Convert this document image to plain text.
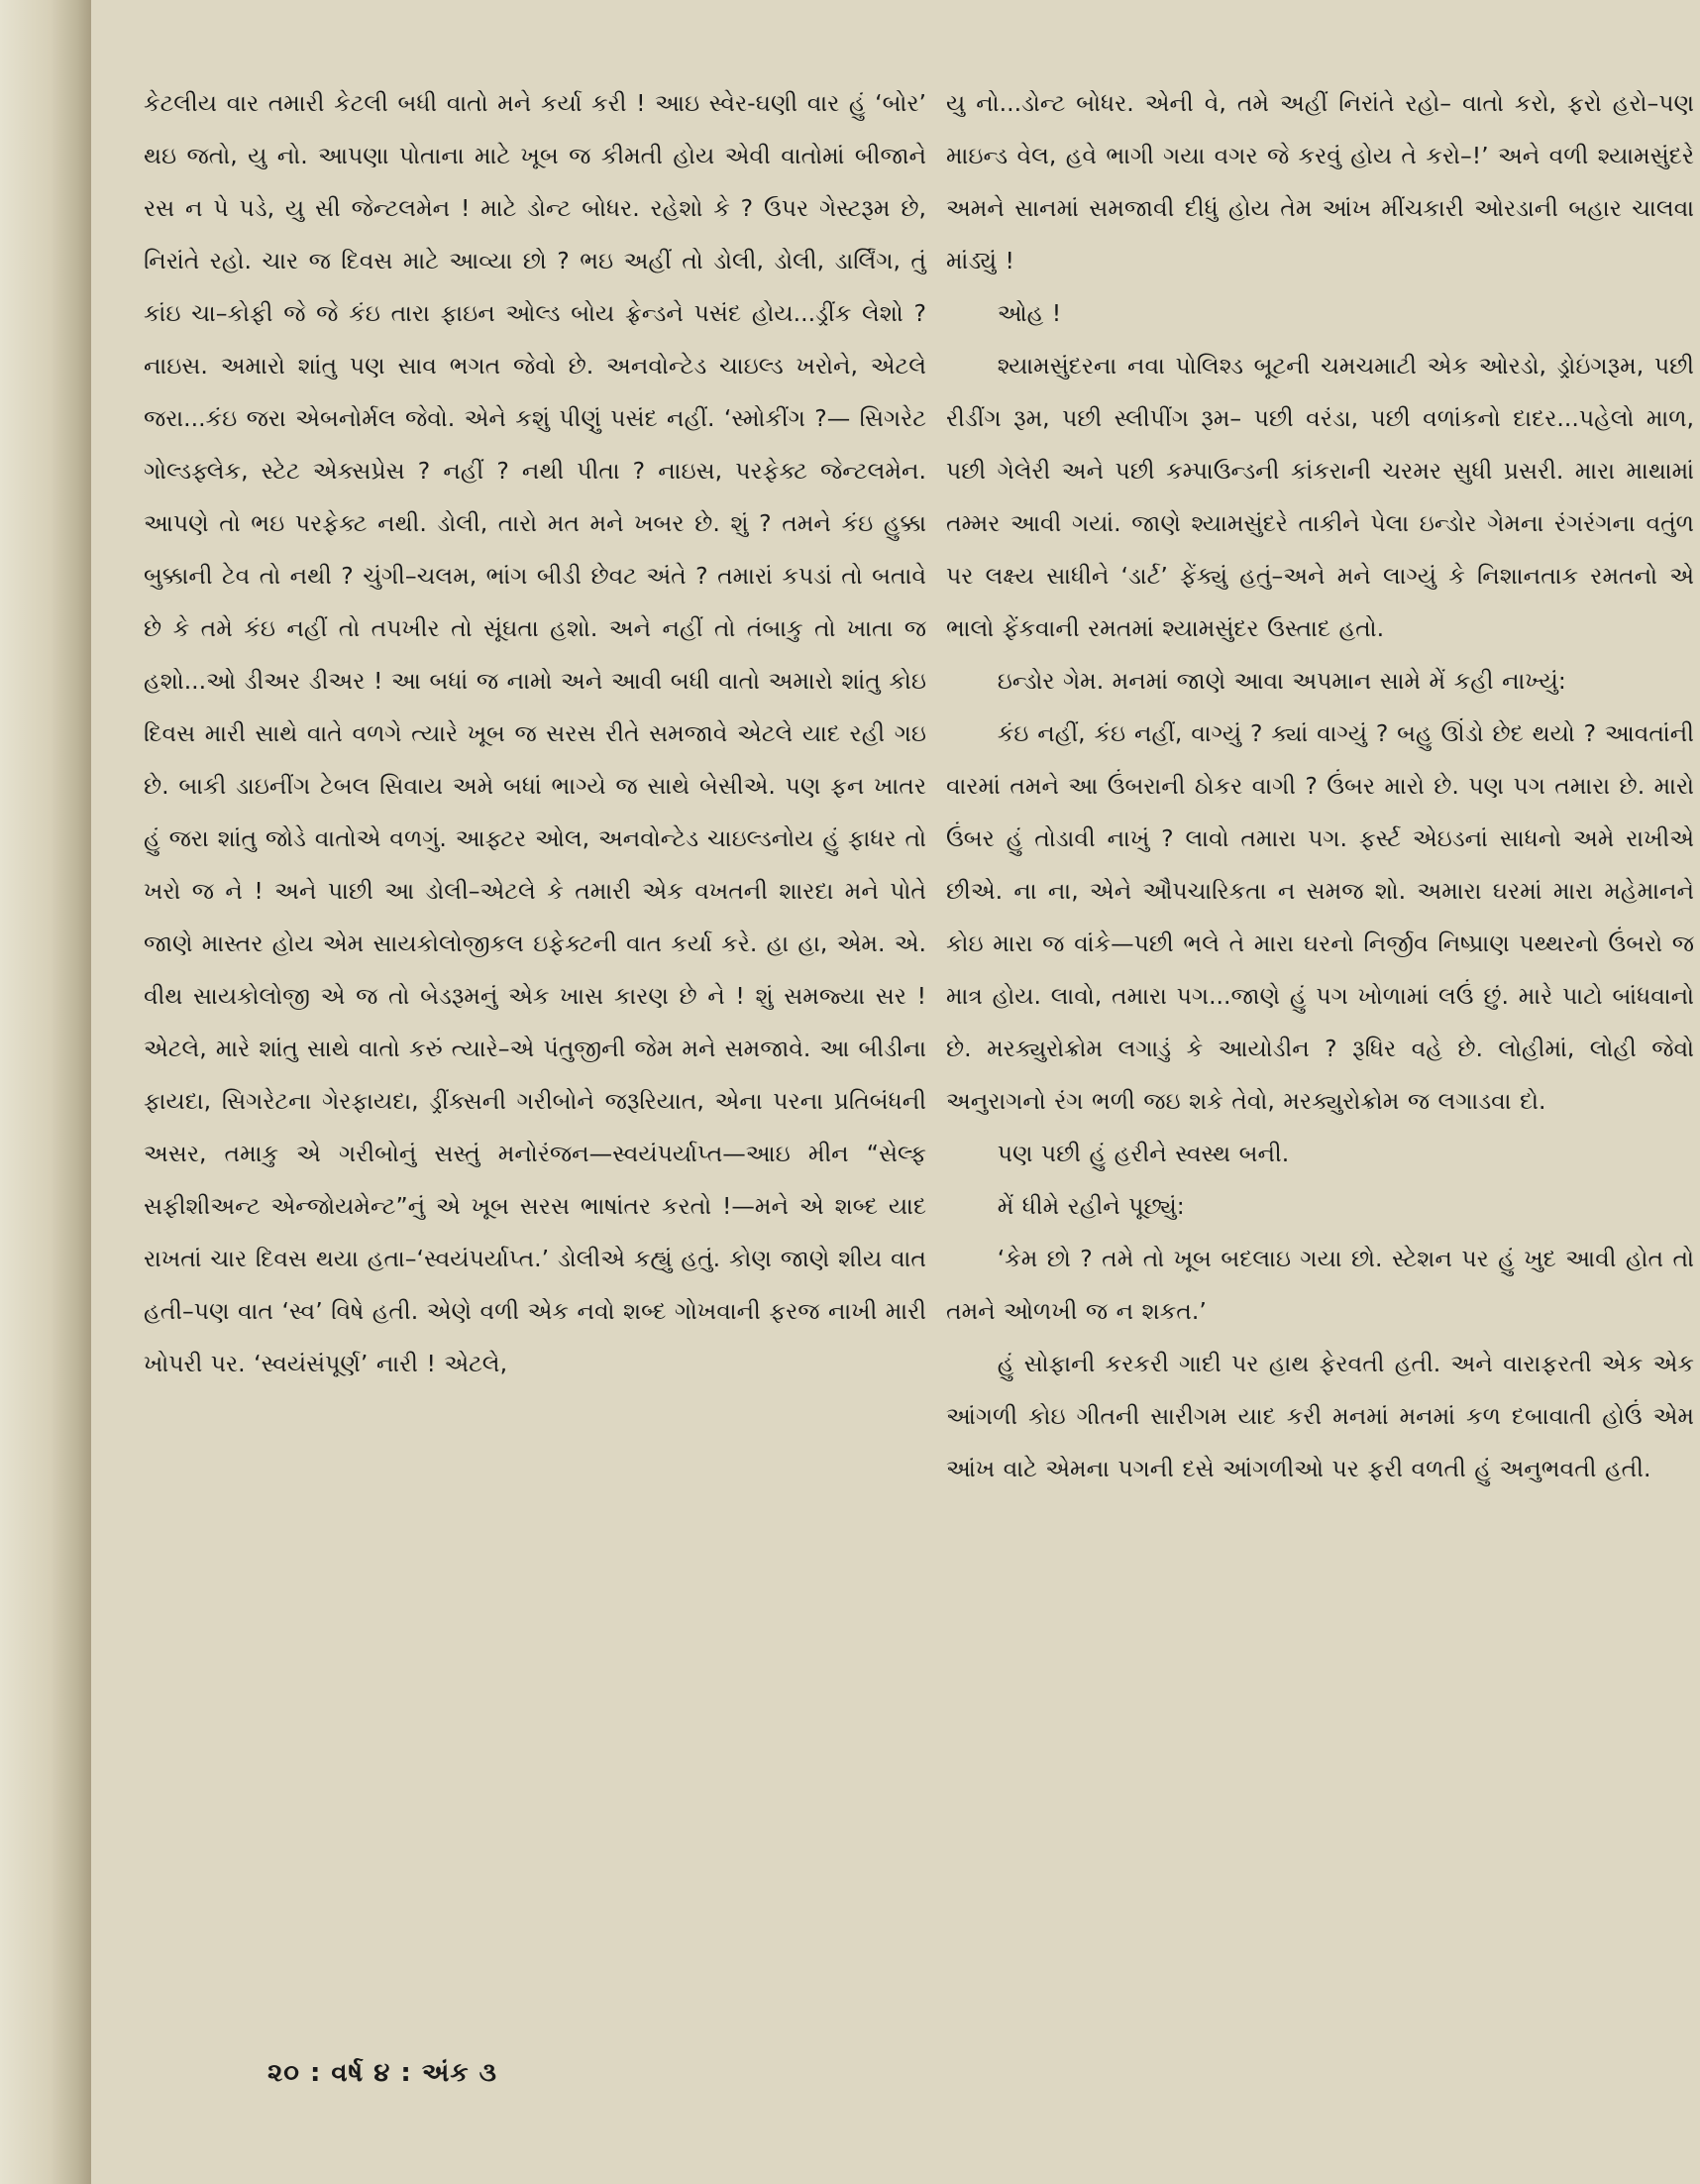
કેટલીય વાર તમારી કેટલી બધી વાતો મને કર્યા કરી ! આઇ સ્વેર-ઘણી વાર હું ‘બોર’ થઇ જતો, યુ નો. આપણા પોતાના માટે ખૂબ જ કીમતી હોય એવી વાતોમાં બીજાને રસ ન પે પડે, યુ સી જેન્ટલમેન ! માટે ડોન્ટ બોધર. રહેશો કે ? ઉપર ગેસ્ટરૂમ છે, નિરાંતે રહો. ચાર જ દિવસ માટે આવ્યા છો ? ભઇ અહીં તો ડોલી, ડોલી, ડાર્લિંગ, તું કાંઇ ચા–કોફી જે જે કંઇ તારા ફાઇન ઓલ્ડ બોય ફ્રેન્ડને પસંદ હોય...ડ્રીંક લેશો ? નાઇસ. અમારો શાંતુ પણ સાવ ભગત જેવો છે. અનવોન્ટેડ ચાઇલ્ડ ખરોને, એટલે જરા...કંઇ જરા એબનોર્મલ જેવો. એને કશું પીણું પસંદ નહીં. ‘સ્મોકીંગ ?— સિગરેટ ગોલ્ડફ્લેક, સ્ટેટ એક્સપ્રેસ ? નહીં ? નથી પીતા ? નાઇસ, પરફેક્ટ જેન્ટલમેન. આપણે તો ભઇ પરફેક્ટ નથી. ડોલી, તારો મત મને ખબર છે. શું ? તમને કંઇ હુક્કા બુક્કાની ટેવ તો નથી ? ચુંગી–ચલમ, ભાંગ બીડી છેવટ અંતે ? તમારાં કપડાં તો બતાવે છે કે તમે કંઇ નહીં તો તપખીર તો સૂંઘતા હશો. અને નહીં તો તંબાકુ તો ખાતા જ હશો...ઓ ડીઅર ડીઅર ! આ બધાં જ નામો અને આવી બધી વાતો અમારો શાંતુ કોઇ દિવસ મારી સાથે વાતે વળગે ત્યારે ખૂબ જ સરસ રીતે સમજાવે એટલે યાદ રહી ગઇ છે. બાકી ડાઇનીંગ ટેબલ સિવાય અમે બધાં ભાગ્યે જ સાથે બેસીએ. પણ ફન ખાતર હું જરા શાંતુ જોડે વાતોએ વળગું. આફ્ટર ઓલ, અનવોન્ટેડ ચાઇલ્ડનોય હું ફાધર તો ખરો જ ને ! અને પાછી આ ડોલી–એટલે કે તમારી એક વખતની શારદા મને પોતે જાણે માસ્તર હોય એમ સાયકોલોજીકલ ઇફેક્ટની વાત કર્યા કરે. હા હા, એમ. એ. વીથ સાયકોલોજી એ જ તો બેડરૂમનું એક ખાસ કારણ છે ને ! શું સમજ્યા સર ! એટલે, મારે શાંતુ સાથે વાતો કરું ત્યારે–એ પંતુજીની જેમ મને સમજાવે. આ બીડીના ફાયદા, સિગરેટના ગેરફાયદા, ડ્રીંક્સની ગરીબોને જરૂરિયાત, એના પરના પ્રતિબંધની અસર, તમાકુ એ ગરીબોનું સસ્તું મનોરંજન—સ્વયંપર્યાપ્ત—આઇ મીન “સેલ્ફ સફીશીઅન્ટ એન્જોયમેન્ટ”નું એ ખૂબ સરસ ભાષાંતર કરતો !—મને એ શબ્દ યાદ રાખતાં ચાર દિવસ થયા હતા–‘સ્વયંપર્યાપ્ત.’ ડોલીએ કહ્યું હતું. કોણ જાણે શીય વાત હતી–પણ વાત ‘સ્વ’ વિષે હતી. એણે વળી એક નવો શબ્દ ગોખવાની ફરજ નાખી મારી ખોપરી પર. ‘સ્વયંસંપૂર્ણ’ નારી ! એટલે,

યુ નો...ડોન્ટ બોધર. એની વે, તમે અહીં નિરાંતે રહો– વાતો કરો, ફરો હરો–પણ માઇન્ડ વેલ, હવે ભાગી ગયા વગર જે કરવું હોય તે કરો–!’ અને વળી શ્યામસુંદરે અમને સાનમાં સમજાવી દીધું હોય તેમ આંખ મીંચકારી ઓરડાની બહાર ચાલવા માંડ્યું !

ઓહ !

શ્યામસુંદરના નવા પોલિશ્ડ બૂટની ચમચમાટી એક ઓરડો, ડ્રોઇંગરૂમ, પછી રીડીંગ રૂમ, પછી સ્લીપીંગ રૂમ– પછી વરંડા, પછી વળાંકનો દાદર...પહેલો માળ, પછી ગેલેરી અને પછી કમ્પાઉન્ડની કાંકરાની ચરમર સુધી પ્રસરી. મારા માથામાં તમ્મર આવી ગયાં. જાણે શ્યામસુંદરે તાકીને પેલા ઇન્ડોર ગેમના રંગરંગના વતુંળ પર લક્ષ્ય સાધીને ‘ડાર્ટ’ ફેંક્યું હતું–અને મને લાગ્યું કે નિશાનતાક રમતનો એ ભાલો ફેંકવાની રમતમાં શ્યામસુંદર ઉસ્તાદ હતો.

ઇન્ડોર ગેમ. મનમાં જાણે આવા અપમાન સામે મેં કહી નાખ્યું:

કંઇ નહીં, કંઇ નહીં, વાગ્યું ? ક્યાં વાગ્યું ? બહુ ઊંડો છેદ થયો ? આવતાંની વારમાં તમને આ ઉંબરાની ઠોકર વાગી ? ઉંબર મારો છે. પણ પગ તમારા છે. મારો ઉંબર હું તોડાવી નાખું ? લાવો તમારા પગ. ફર્સ્ટ એઇડનાં સાધનો અમે રાખીએ છીએ. ના ના, એને ઔપચારિકતા ન સમજ શો. અમારા ઘરમાં મારા મહેમાનને કોઇ મારા જ વાંકે—પછી ભલે તે મારા ઘરનો નિર્જીવ નિષ્પ્રાણ પથ્થરનો ઉંબરો જ માત્ર હોય. લાવો, તમારા પગ...જાણે હું પગ ખોળામાં લઉં છું. મારે પાટો બાંધવાનો છે. મરક્યુરોક્રોમ લગાડું કે આયોડીન ? રૂધિર વહે છે. લોહીમાં, લોહી જેવો અનુરાગનો રંગ ભળી જઇ શકે તેવો, મરક્યુરોક્રોમ જ લગાડવા દો.

પણ પછી હું હરીને સ્વસ્થ બની.

મેં ધીમે રહીને પૂછ્યું:

‘કેમ છો ? તમે તો ખૂબ બદલાઇ ગયા છો. સ્ટેશન પર હું ખુદ આવી હોત તો તમને ઓળખી જ ન શકત.’

હું સોફાની કરકરી ગાદી પર હાથ ફેરવતી હતી. અને વારાફરતી એક એક આંગળી કોઇ ગીતની સારીગમ યાદ કરી મનમાં મનમાં કળ દબાવાતી હોઉં એમ આંખ વાટે એમના પગની દસે આંગળીઓ પર ફરી વળતી હું અનુભવતી હતી.

૨૦ : વર્ષ ૪ : અંક ૩
